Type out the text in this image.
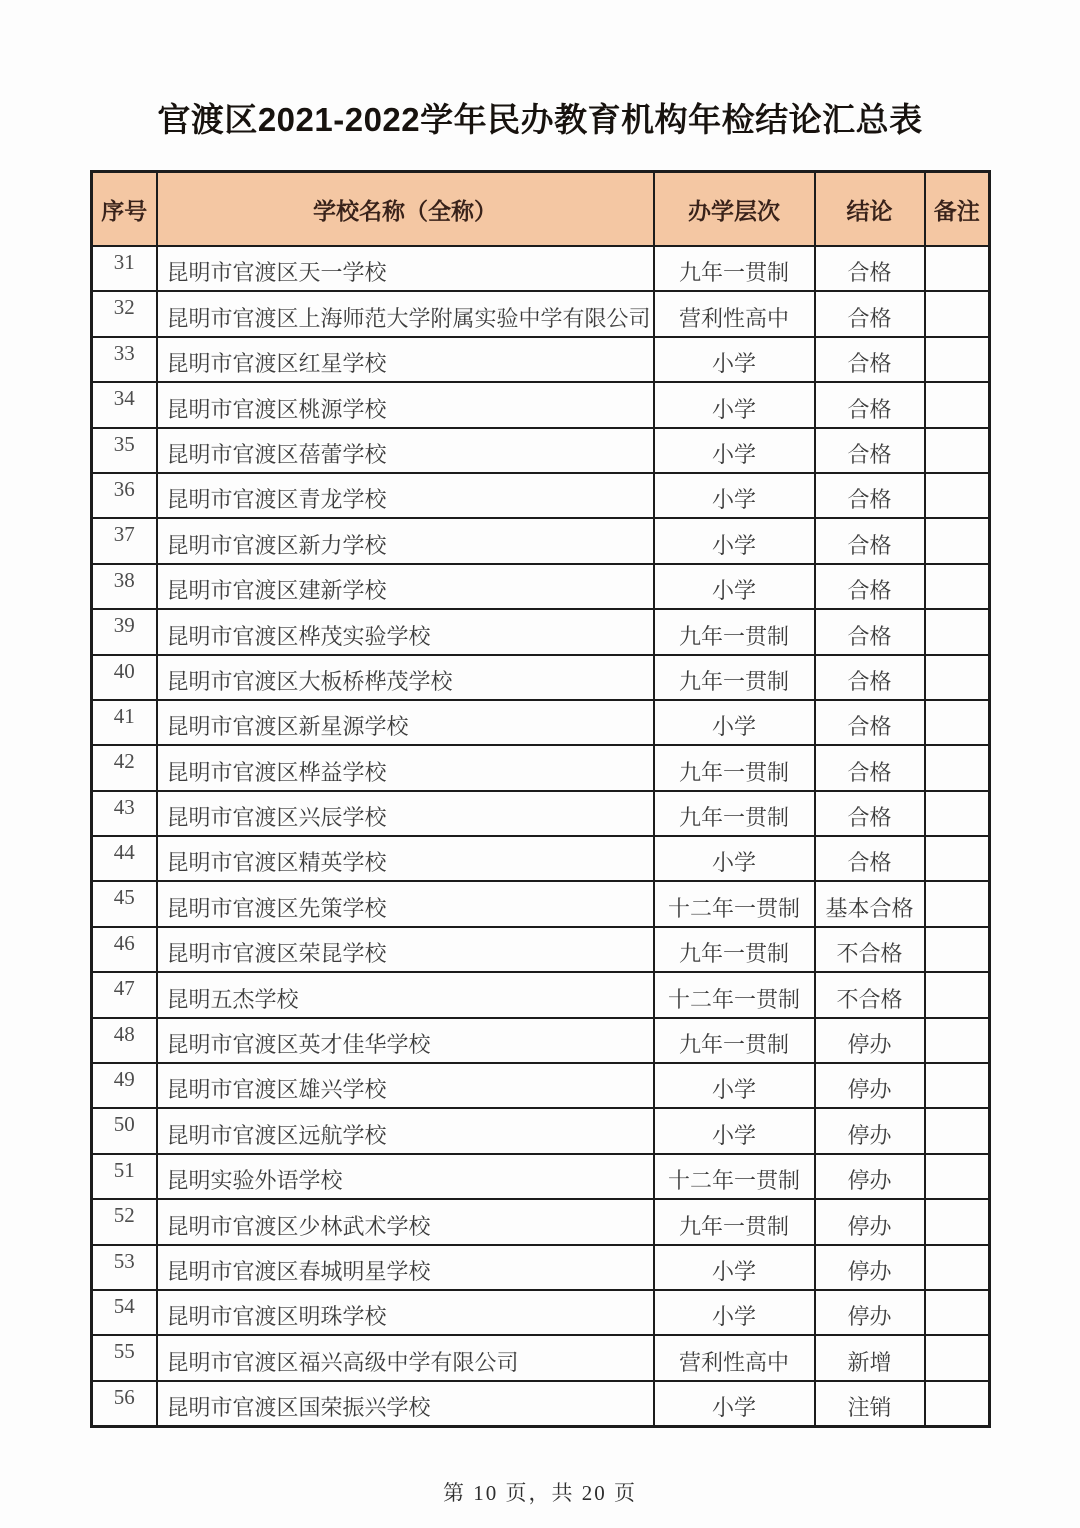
官渡区2021-2022学年民办教育机构年检结论汇总表
序号	学校名称（全称）	办学层次	结论	备注
31	昆明市官渡区天一学校	九年一贯制	合格	
32	昆明市官渡区上海师范大学附属实验中学有限公司	营利性高中	合格	
33	昆明市官渡区红星学校	小学	合格	
34	昆明市官渡区桃源学校	小学	合格	
35	昆明市官渡区蓓蕾学校	小学	合格	
36	昆明市官渡区青龙学校	小学	合格	
37	昆明市官渡区新力学校	小学	合格	
38	昆明市官渡区建新学校	小学	合格	
39	昆明市官渡区桦茂实验学校	九年一贯制	合格	
40	昆明市官渡区大板桥桦茂学校	九年一贯制	合格	
41	昆明市官渡区新星源学校	小学	合格	
42	昆明市官渡区桦益学校	九年一贯制	合格	
43	昆明市官渡区兴辰学校	九年一贯制	合格	
44	昆明市官渡区精英学校	小学	合格	
45	昆明市官渡区先策学校	十二年一贯制	基本合格	
46	昆明市官渡区荣昆学校	九年一贯制	不合格	
47	昆明五杰学校	十二年一贯制	不合格	
48	昆明市官渡区英才佳华学校	九年一贯制	停办	
49	昆明市官渡区雄兴学校	小学	停办	
50	昆明市官渡区远航学校	小学	停办	
51	昆明实验外语学校	十二年一贯制	停办	
52	昆明市官渡区少林武术学校	九年一贯制	停办	
53	昆明市官渡区春城明星学校	小学	停办	
54	昆明市官渡区明珠学校	小学	停办	
55	昆明市官渡区福兴高级中学有限公司	营利性高中	新增	
56	昆明市官渡区国荣振兴学校	小学	注销	
第 10 页，共 20 页
